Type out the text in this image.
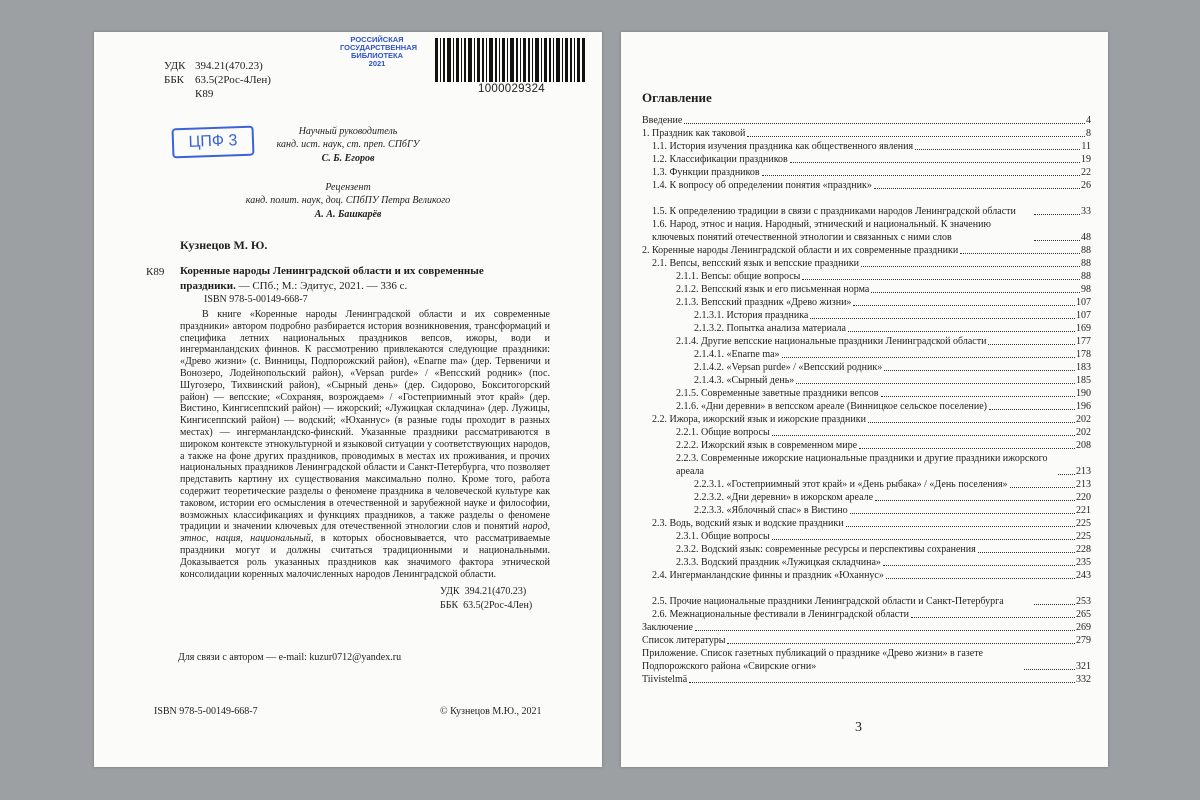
УДК 394.21(470.23)
ББК 63.5(2Рос-4Лен)
К89
РОССИЙСКАЯ
ГОСУДАРСТВЕННАЯ
БИБЛИОТЕКА
2021
1000029324
ЦПФ 3
Научный руководитель
канд. ист. наук, ст. преп. СПбГУ
С. Б. Егоров
Рецензент
канд. полит. наук, доц. СПбПУ Петра Великого
А. А. Башкарёв
Кузнецов М. Ю.
К89 Коренные народы Ленинградской области и их современные
праздники. — СПб.; М.: Эдитус, 2021. — 336 с.
ISBN 978-5-00149-668-7
В книге «Коренные народы Ленинградской области и их современные праздники» автором подробно разбирается история возникновения, трансформаций и специфика летних национальных праздников вепсов, ижоры, води и ингерманландских финнов. К рассмотрению привлекаются следующие праздники: «Древо жизни» (с. Винницы, Подпорожский район), «Enarne ma» (дер. Тервеничи и Вонозеро, Лодейнопольский район), «Vepsan purde» / «Вепсский родник» (пос. Шугозеро, Тихвинский район), «Сырный день» (дер. Сидорово, Бокситогорский район) — вепсские; «Сохраняя, возрождаем» / «Гостеприимный этот край» (дер. Вистино, Кингисеппский район) — ижорский; «Лужицкая складчина» (дер. Лужицы, Кингисеппский район) — водский; «Юханнус» (в разные годы проходит в разных местах) — ингерманландско-финский. Указанные праздники рассматриваются в широком контексте этнокультурной и языковой ситуации у соответствующих народов, а также на фоне других праздников, проводимых в местах их проживания, и прочих национальных праздников Ленинградской области и Санкт-Петербурга, что позволяет представить картину их существования максимально полно. Кроме того, работа содержит теоретические разделы о феномене праздника в человеческой культуре как таковом, истории его осмысления в отечественной и зарубежной науке и философии, возможных классификациях и функциях праздников, а также разделы о феномене традиции и значении ключевых для отечественной этнологии слов и понятий народ, этнос, нация, национальный, в которых обосновывается, что рассматриваемые праздники могут и должны считаться традиционными и национальными. Доказывается роль указанных праздников как значимого фактора этнической консолидации коренных малочисленных народов Ленинградской области.
УДК 394.21(470.23)
ББК 63.5(2Рос-4Лен)
Для связи с автором — e-mail: kuzur0712@yandex.ru
ISBN 978-5-00149-668-7	© Кузнецов М.Ю., 2021
Оглавление
Введение	4
1. Праздник как таковой	8
1.1. История изучения праздника как общественного явления	11
1.2. Классификации праздников	19
1.3. Функции праздников	22
1.4. К вопросу об определении понятия «праздник»	26
1.5. К определению традиции в связи с праздниками народов Ленинградской области	33
1.6. Народ, этнос и нация. Народный, этнический и национальный. К значению ключевых понятий отечественной этнологии и связанных с ними слов	48
2. Коренные народы Ленинградской области и их современные праздники	88
2.1. Вепсы, вепсский язык и вепсские праздники	88
2.1.1. Вепсы: общие вопросы	88
2.1.2. Вепсский язык и его письменная норма	98
2.1.3. Вепсский праздник «Древо жизни»	107
2.1.3.1. История праздника	107
2.1.3.2. Попытка анализа материала	169
2.1.4. Другие вепсские национальные праздники Ленинградской области	177
2.1.4.1. «Enarne ma»	178
2.1.4.2. «Vepsan purde» / «Вепсский родник»	183
2.1.4.3. «Сырный день»	185
2.1.5. Современные заветные праздники вепсов	190
2.1.6. «Дни деревни» в вепсском ареале (Винницкое сельское поселение)	196
2.2. Ижора, ижорский язык и ижорские праздники	202
2.2.1. Общие вопросы	202
2.2.2. Ижорский язык в современном мире	208
2.2.3. Современные ижорские национальные праздники и другие праздники ижорского ареала	213
2.2.3.1. «Гостеприимный этот край» и «День рыбака» / «День поселения»	213
2.2.3.2. «Дни деревни» в ижорском ареале	220
2.2.3.3. «Яблочный спас» в Вистино	221
2.3. Водь, водский язык и водские праздники	225
2.3.1. Общие вопросы	225
2.3.2. Водский язык: современные ресурсы и перспективы сохранения	228
2.3.3. Водский праздник «Лужицкая складчина»	235
2.4. Ингерманландские финны и праздник «Юханнус»	243
2.5. Прочие национальные праздники Ленинградской области и Санкт-Петербурга	253
2.6. Межнациональные фестивали в Ленинградской области	265
Заключение	269
Список литературы	279
Приложение. Список газетных публикаций о празднике «Древо жизни» в газете Подпорожского района «Свирские огни»	321
Tiivistelmä	332
3
